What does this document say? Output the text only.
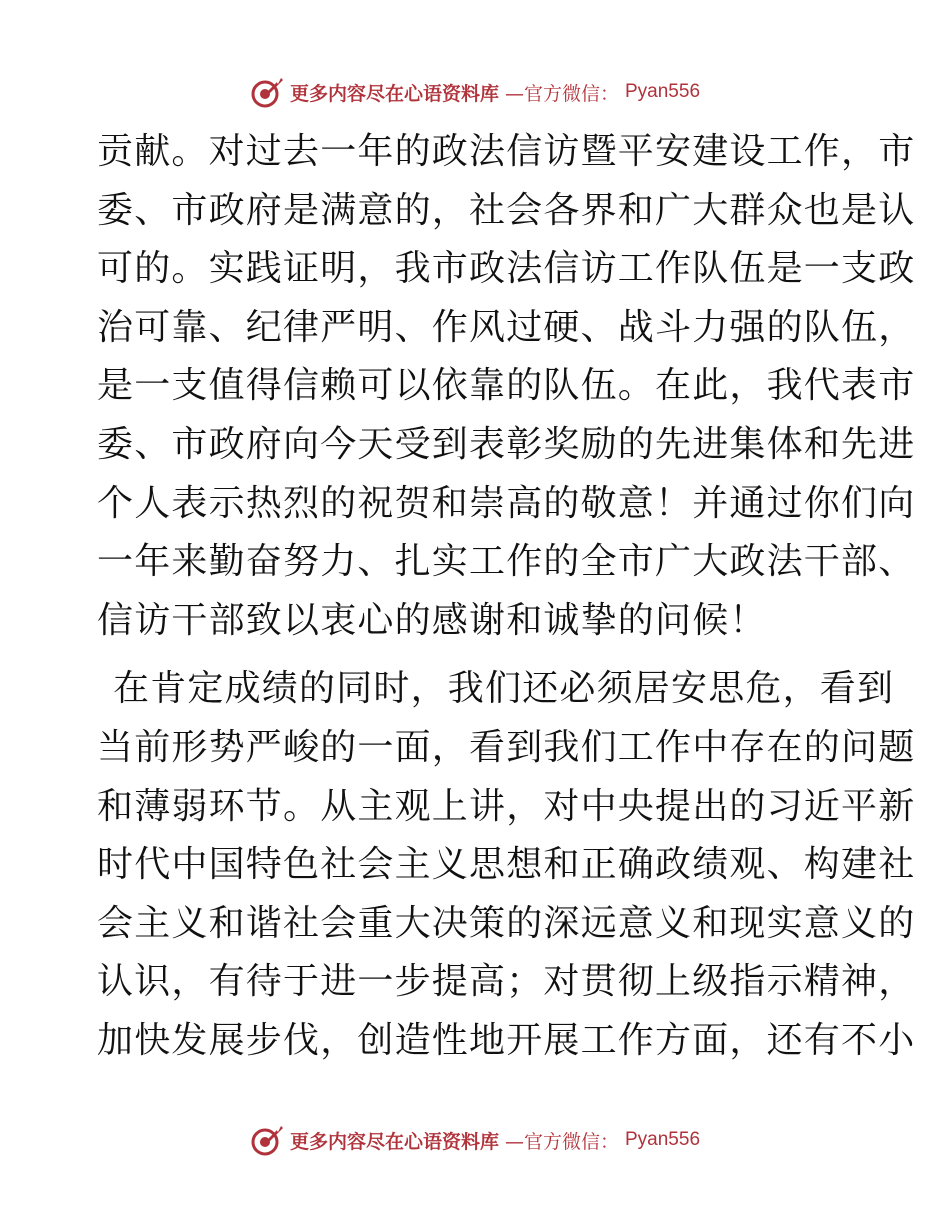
更多内容尽在心语资料库 —官方微信： Pyan556
贡献。对过去一年的政法信访暨平安建设工作，市
委、市政府是满意的，社会各界和广大群众也是认
可的。实践证明，我市政法信访工作队伍是一支政
治可靠、纪律严明、作风过硬、战斗力强的队伍，
是一支值得信赖可以依靠的队伍。在此，我代表市
委、市政府向今天受到表彰奖励的先进集体和先进
个人表示热烈的祝贺和崇高的敬意！并通过你们向
一年来勤奋努力、扎实工作的全市广大政法干部、
信访干部致以衷心的感谢和诚挚的问候！
在肯定成绩的同时，我们还必须居安思危，看到
当前形势严峻的一面，看到我们工作中存在的问题
和薄弱环节。从主观上讲，对中央提出的习近平新
时代中国特色社会主义思想和正确政绩观、构建社
会主义和谐社会重大决策的深远意义和现实意义的
认识，有待于进一步提高；对贯彻上级指示精神，
加快发展步伐，创造性地开展工作方面，还有不小
更多内容尽在心语资料库 —官方微信： Pyan556
